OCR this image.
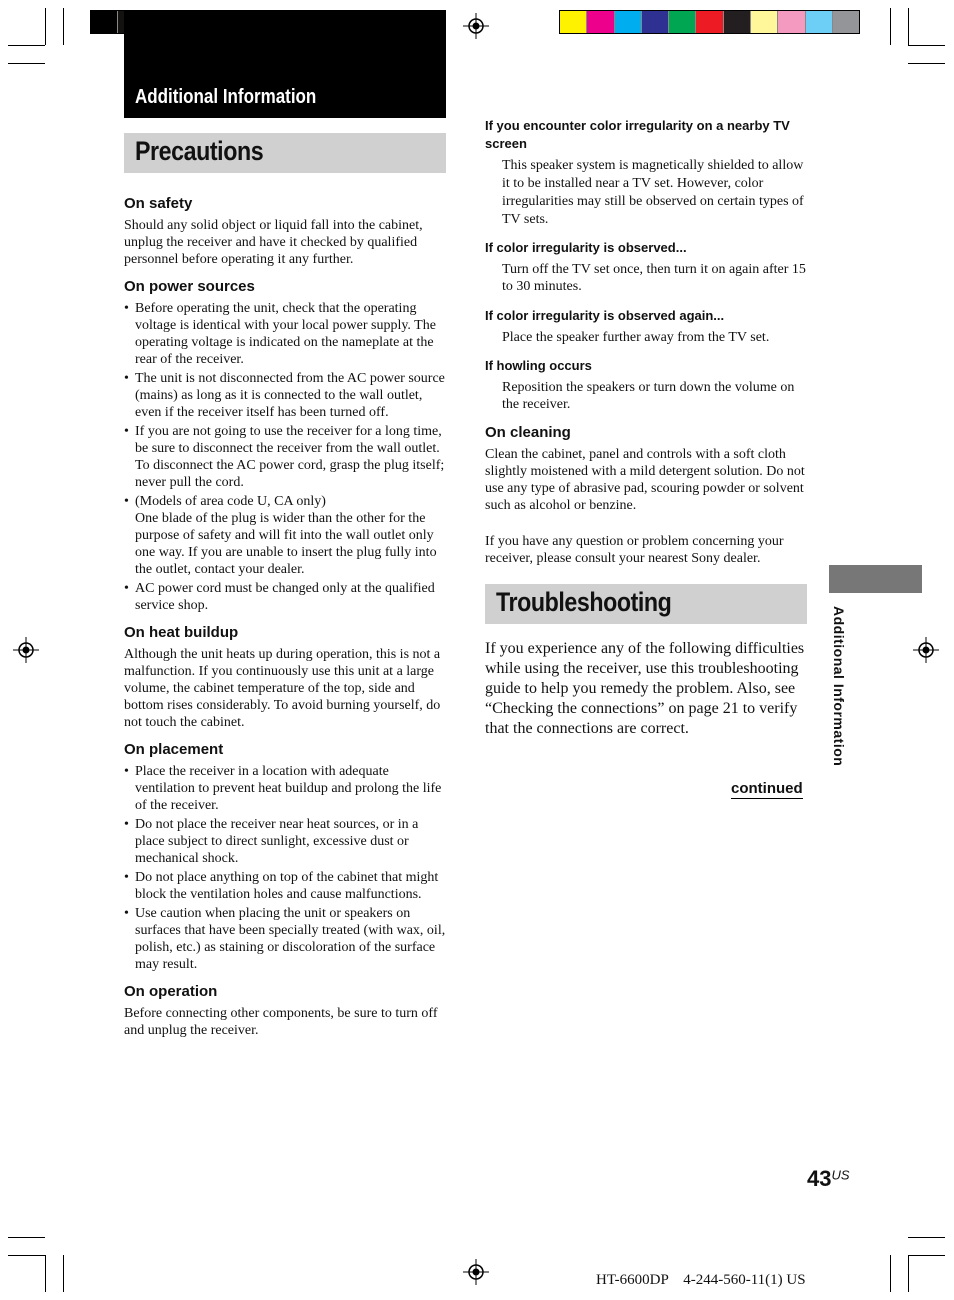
Additional Information
Precautions
On safety

Should any solid object or liquid fall into the cabinet, unplug the receiver and have it checked by qualified personnel before operating it any further.

On power sources
• Before operating the unit, check that the operating voltage is identical with your local power supply. The operating voltage is indicated on the nameplate at the rear of the receiver.
• The unit is not disconnected from the AC power source (mains) as long as it is connected to the wall outlet, even if the receiver itself has been turned off.
• If you are not going to use the receiver for a long time, be sure to disconnect the receiver from the wall outlet. To disconnect the AC power cord, grasp the plug itself; never pull the cord.
• (Models of area code U, CA only)
One blade of the plug is wider than the other for the purpose of safety and will fit into the wall outlet only one way. If you are unable to insert the plug fully into the outlet, contact your dealer.
• AC power cord must be changed only at the qualified service shop.
On heat buildup

Although the unit heats up during operation, this is not a malfunction. If you continuously use this unit at a large volume, the cabinet temperature of the top, side and bottom rises considerably. To avoid burning yourself, do not touch the cabinet.

On placement
• Place the receiver in a location with adequate ventilation to prevent heat buildup and prolong the life of the receiver.
• Do not place the receiver near heat sources, or in a place subject to direct sunlight, excessive dust or mechanical shock.
• Do not place anything on top of the cabinet that might block the ventilation holes and cause malfunctions.
• Use caution when placing the unit or speakers on surfaces that have been specially treated (with wax, oil, polish, etc.) as staining or discoloration of the surface may result.
On operation

Before connecting other components, be sure to turn off and unplug the receiver.

If you encounter color irregularity on a nearby TV screen

This speaker system is magnetically shielded to allow it to be installed near a TV set. However, color irregularities may still be observed on certain types of TV sets.

If color irregularity is observed...

Turn off the TV set once, then turn it on again after 15 to 30 minutes.

If color irregularity is observed again...

Place the speaker further away from the TV set.

If howling occurs

Reposition the speakers or turn down the volume on the receiver.

On cleaning

Clean the cabinet, panel and controls with a soft cloth slightly moistened with a mild detergent solution. Do not use any type of abrasive pad, scouring powder or solvent such as alcohol or benzine.

If you have any question or problem concerning your receiver, please consult your nearest Sony dealer.

Troubleshooting

If you experience any of the following difficulties while using the receiver, use this troubleshooting guide to help you remedy the problem. Also, see “Checking the connections” on page 21 to verify that the connections are correct.

continued
Additional Information
$43^{US}$
HT-6600DP    4-244-560-11(1) US
